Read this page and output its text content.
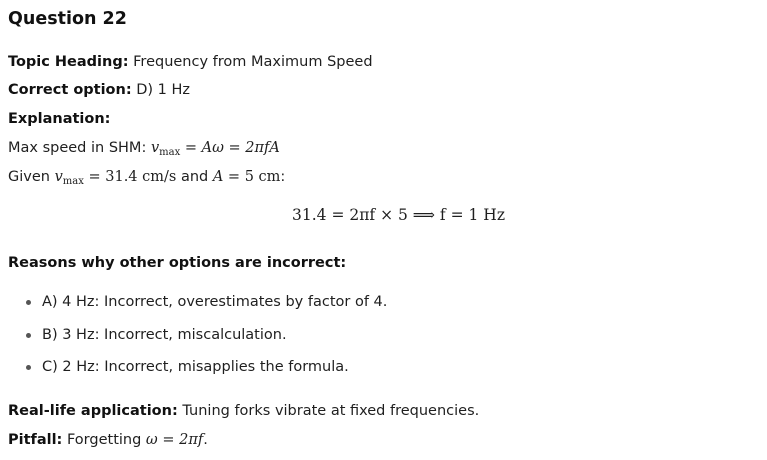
Question 22
Topic Heading: Frequency from Maximum Speed
Correct option: D) 1 Hz
Explanation:
Max speed in SHM: $v_{max} = A\omega = 2\pi fA$
Given $v_{max} = 31.4$ cm/s and A = 5 cm:
31.4 = 2πf × 5 ⟹ f = 1 Hz
Reasons why other options are incorrect:
A) 4 Hz: Incorrect, overestimates by factor of 4.
B) 3 Hz: Incorrect, miscalculation.
C) 2 Hz: Incorrect, misapplies the formula.
Real-life application: Tuning forks vibrate at fixed frequencies.
Pitfall: Forgetting ω = 2πf.
